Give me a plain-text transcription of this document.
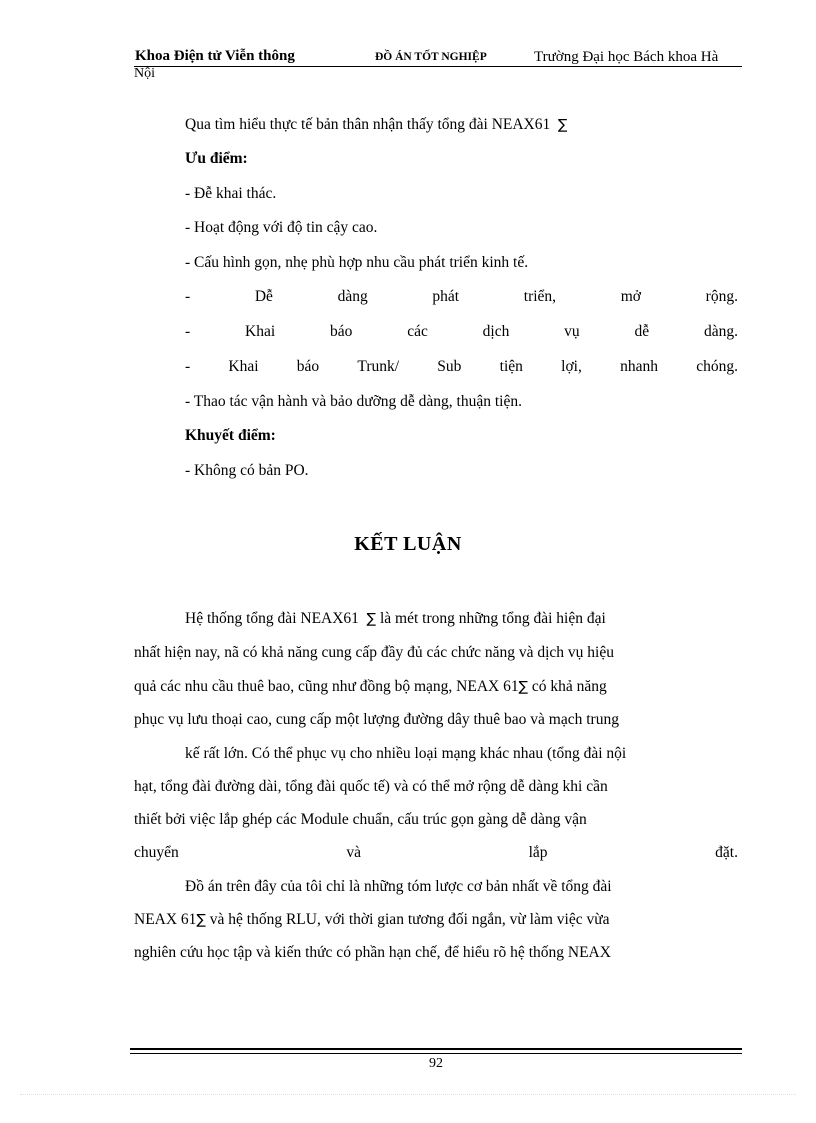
Khoa Điện tử Viễn thông	ĐỒ ÁN TỐT NGHIỆP	Trường Đại học Bách khoa Hà
Nội
Qua tìm hiểu thực tế bản thân nhận thấy tổng đài NEAX61 ∑
Ưu điểm:
- Đễ khai thác.
- Hoạt động với độ tin cậy cao.
- Cấu hình gọn, nhẹ phù hợp nhu cầu phát triển kinh tế.
-	Dễ	dàng	phát	triển,	mở	rộng.
-	Khai	báo	các	dịch	vụ	dễ	dàng.
- Khai báo Trunk/ Sub tiện lợi, nhanh chóng.
- Thao tác vận hành và bảo dưỡng dễ dàng, thuận tiện.
Khuyết điểm:
- Không có bản PO.
KẾT LUẬN
Hệ thống tổng đài NEAX61 ∑ là mét trong những tổng đài hiện đại
nhất hiện nay, nã có khả năng cung cấp đầy đủ các chức năng và dịch vụ hiệu
quả các nhu cầu thuê bao, cũng như đồng bộ mạng, NEAX 61∑ có khả năng
phục vụ lưu thoại cao, cung cấp một lượng đường dây thuê bao và mạch trung
kế rất lớn. Có thể phục vụ cho nhiều loại mạng khác nhau (tổng đài nội
hạt, tổng đài đường dài, tổng đài quốc tế) và có thể mở rộng dễ dàng khi cần
thiết bởi việc lắp ghép các Module chuẩn, cấu trúc gọn gàng dễ dàng vận
chuyển	và	lắp	đặt.
Đồ án trên đây của tôi chỉ là những tóm lược cơ bản nhất về tổng đài
NEAX 61∑ và hệ thống RLU, với thời gian tương đối ngắn, vừ làm việc vừa
nghiên cứu học tập và kiến thức có phần hạn chế, để hiểu rõ hệ thống NEAX
92
